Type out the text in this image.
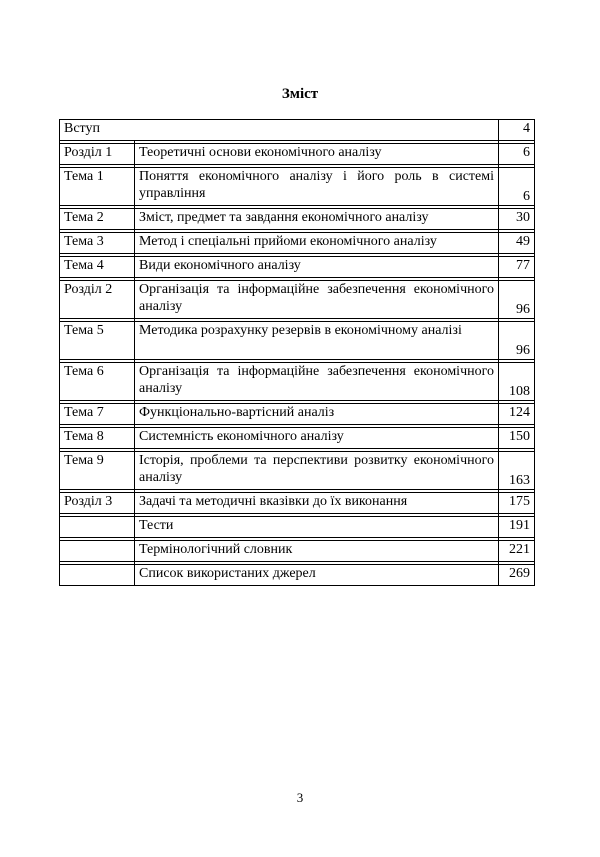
Зміст
Вступ		4

Розділ 1	Теоретичні основи економічного аналізу	6

Тема 1	Поняття економічного аналізу і його роль в системі управління	6

Тема 2	Зміст, предмет та завдання економічного аналізу	30

Тема 3	Метод і спеціальні прийоми економічного аналізу	49

Тема 4	Види економічного аналізу	77

Розділ 2	Організація та інформаційне забезпечення економічного аналізу	96

Тема 5	Методика розрахунку резервів в економічному аналізі	96

Тема 6	Організація та інформаційне забезпечення економічного аналізу	108

Тема 7	Функціонально-вартісний аналіз	124

Тема 8	Системність економічного аналізу	150

Тема 9	Історія, проблеми та перспективи розвитку економічного аналізу	163

Розділ 3	Задачі та методичні вказівки до їх виконання	175

	Тести	191

	Термінологічний словник	221

	Список використаних джерел	269
3
